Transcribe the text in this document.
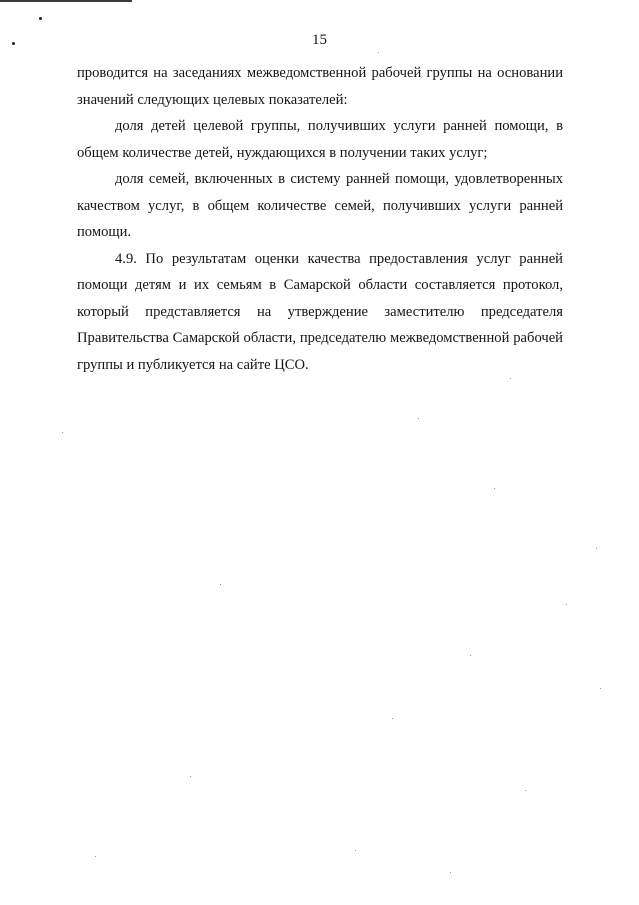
15

проводится на заседаниях межведомственной рабочей группы на основании значений следующих целевых показателей:

доля детей целевой группы, получивших услуги ранней помощи, в общем количестве детей, нуждающихся в получении таких услуг;

доля семей, включенных в систему ранней помощи, удовлетворенных качеством услуг, в общем количестве семей, получивших услуги ранней помощи.

4.9. По результатам оценки качества предоставления услуг ранней помощи детям и их семьям в Самарской области составляется протокол, который представляется на утверждение заместителю председателя Правительства Самарской области, председателю межведомственной рабочей группы и публикуется на сайте ЦСО.
